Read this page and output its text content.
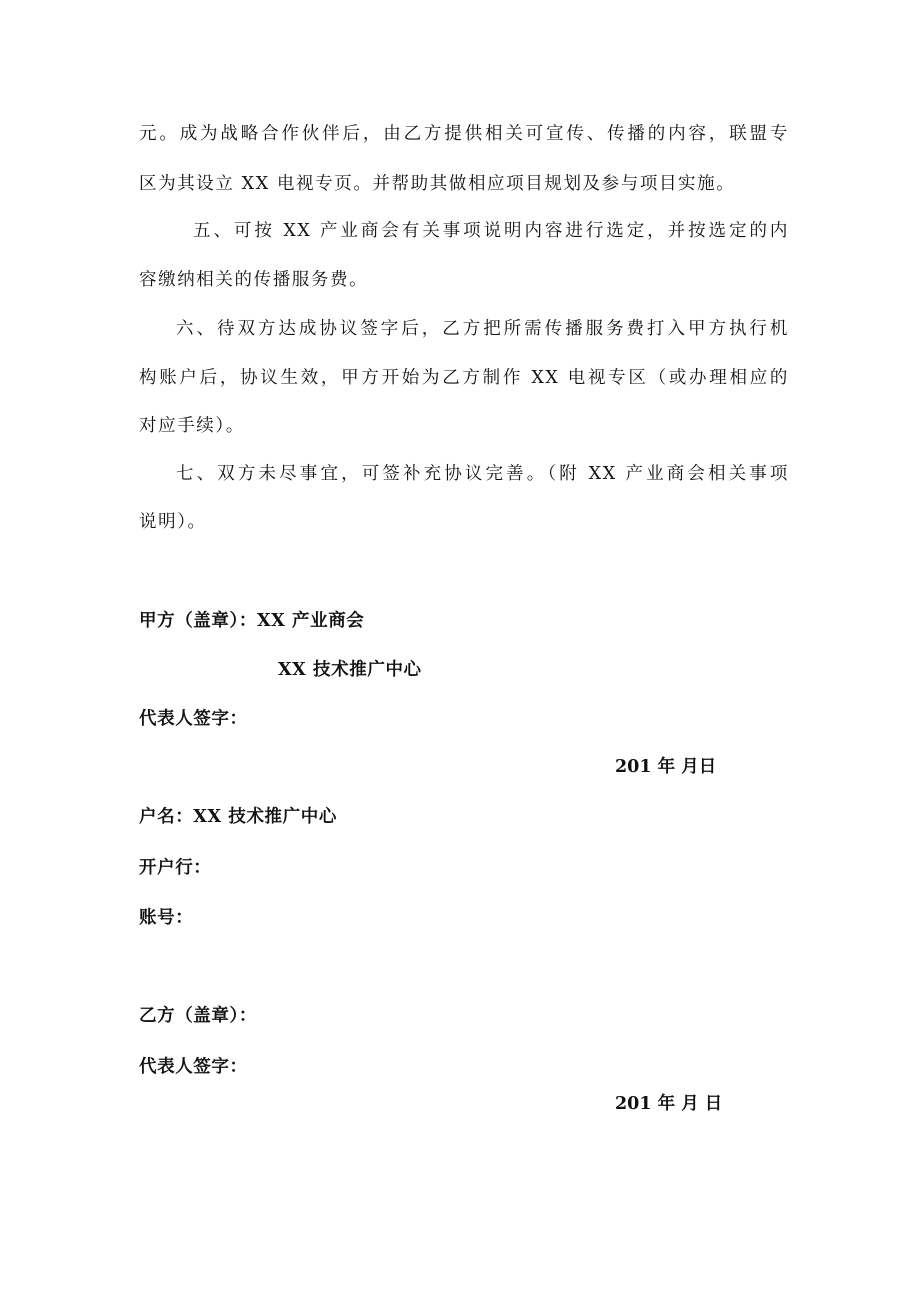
元。成为战略合作伙伴后，由乙方提供相关可宣传、传播的内容，联盟专
区为其设立 XX 电视专页。并帮助其做相应项目规划及参与项目实施。
五、可按 XX 产业商会有关事项说明内容进行选定，并按选定的内
容缴纳相关的传播服务费。
六、待双方达成协议签字后，乙方把所需传播服务费打入甲方执行机
构账户后，协议生效，甲方开始为乙方制作 XX 电视专区（或办理相应的
对应手续）。
七、双方未尽事宜，可签补充协议完善。（附 XX 产业商会相关事项
说明）。
甲方（盖章）：XX 产业商会
XX 技术推广中心
代表人签字：
201 年 月日
户名：XX 技术推广中心
开户行：
账号：
乙方（盖章）：
代表人签字：
201 年 月 日
